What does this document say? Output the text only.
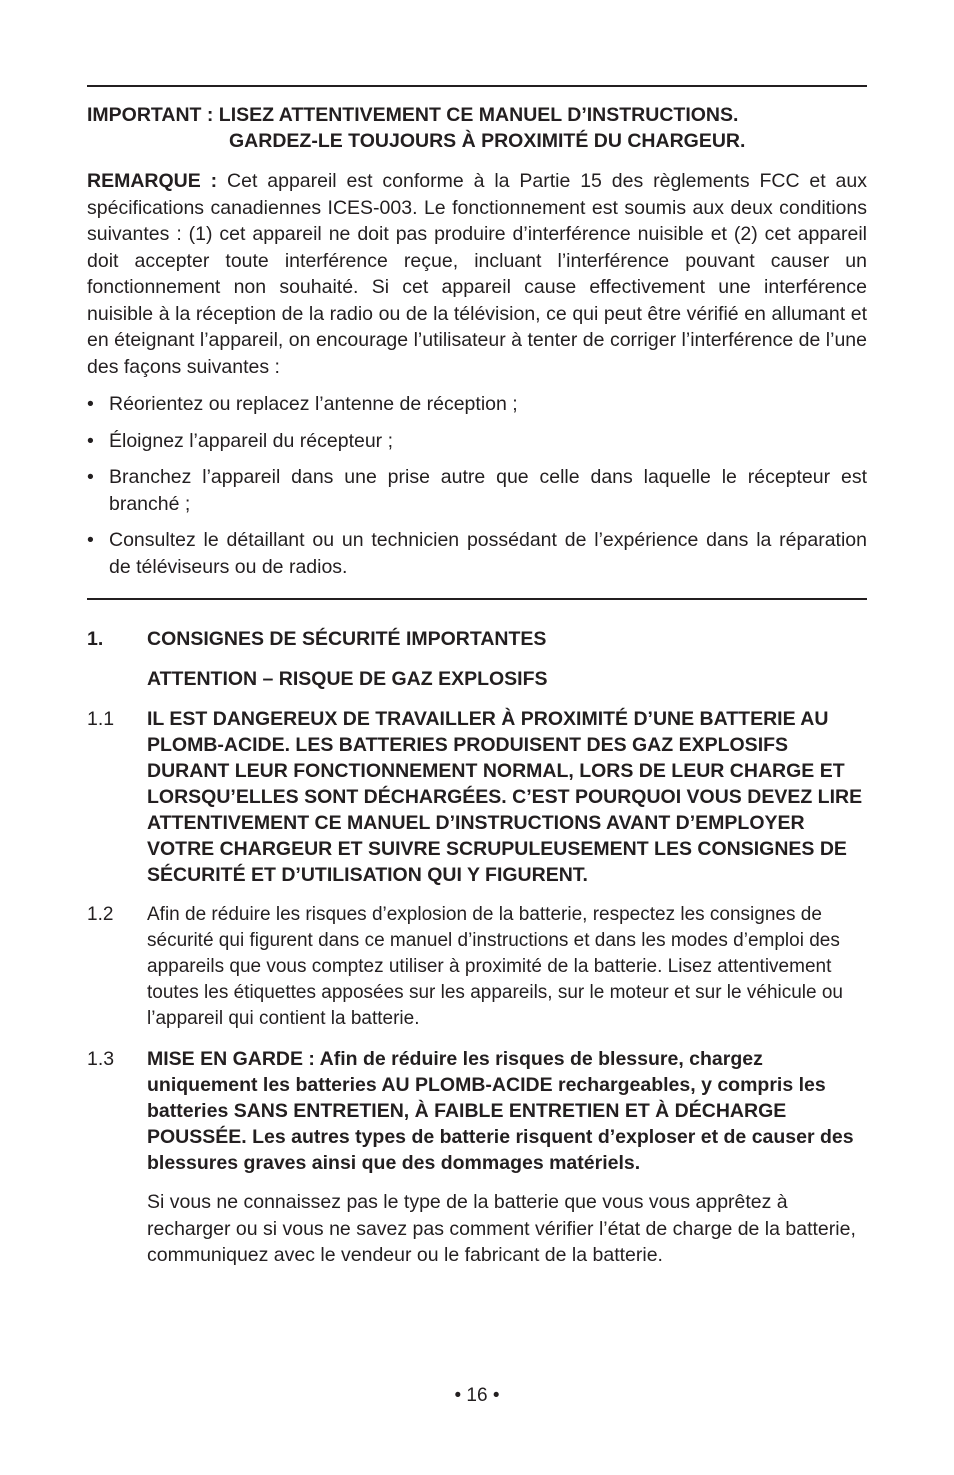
IMPORTANT : LISEZ ATTENTIVEMENT CE MANUEL D’INSTRUCTIONS.
GARDEZ-LE TOUJOURS À PROXIMITÉ DU CHARGEUR.
REMARQUE : Cet appareil est conforme à la Partie 15 des règlements FCC et aux spécifications canadiennes ICES-003. Le fonctionnement est soumis aux deux conditions suivantes : (1) cet appareil ne doit pas produire d’interférence nuisible et (2) cet appareil doit accepter toute interférence reçue, incluant l’interférence pouvant causer un fonctionnement non souhaité. Si cet appareil cause effectivement une interférence nuisible à la réception de la radio ou de la télévision, ce qui peut être vérifié en allumant et en éteignant l’appareil, on encourage l’utilisateur à tenter de corriger l’interférence de l’une des façons suivantes :
• Réorientez ou replacez l’antenne de réception ;
• Éloignez l’appareil du récepteur ;
• Branchez l’appareil dans une prise autre que celle dans laquelle le récepteur est branché ;
• Consultez le détaillant ou un technicien possédant de l’expérience dans la réparation de téléviseurs ou de radios.
1. CONSIGNES DE SÉCURITÉ IMPORTANTES
ATTENTION – RISQUE DE GAZ EXPLOSIFS
1.1 IL EST DANGEREUX DE TRAVAILLER À PROXIMITÉ D’UNE BATTERIE AU PLOMB-ACIDE. LES BATTERIES PRODUISENT DES GAZ EXPLOSIFS DURANT LEUR FONCTIONNEMENT NORMAL, LORS DE LEUR CHARGE ET LORSQU’ELLES SONT DÉCHARGÉES. C’EST POURQUOI VOUS DEVEZ LIRE ATTENTIVEMENT CE MANUEL D’INSTRUCTIONS AVANT D’EMPLOYER VOTRE CHARGEUR ET SUIVRE SCRUPULEUSEMENT LES CONSIGNES DE SÉCURITÉ ET D’UTILISATION QUI Y FIGURENT.
1.2 Afin de réduire les risques d’explosion de la batterie, respectez les consignes de sécurité qui figurent dans ce manuel d’instructions et dans les modes d’emploi des appareils que vous comptez utiliser à proximité de la batterie. Lisez attentivement toutes les étiquettes apposées sur les appareils, sur le moteur et sur le véhicule ou l’appareil qui contient la batterie.
1.3 MISE EN GARDE : Afin de réduire les risques de blessure, chargez uniquement les batteries AU PLOMB-ACIDE rechargeables, y compris les batteries SANS ENTRETIEN, À FAIBLE ENTRETIEN ET À DÉCHARGE POUSSÉE. Les autres types de batterie risquent d’exploser et de causer des blessures graves ainsi que des dommages matériels.
Si vous ne connaissez pas le type de la batterie que vous vous apprêtez à recharger ou si vous ne savez pas comment vérifier l’état de charge de la batterie, communiquez avec le vendeur ou le fabricant de la batterie.
• 16 •
